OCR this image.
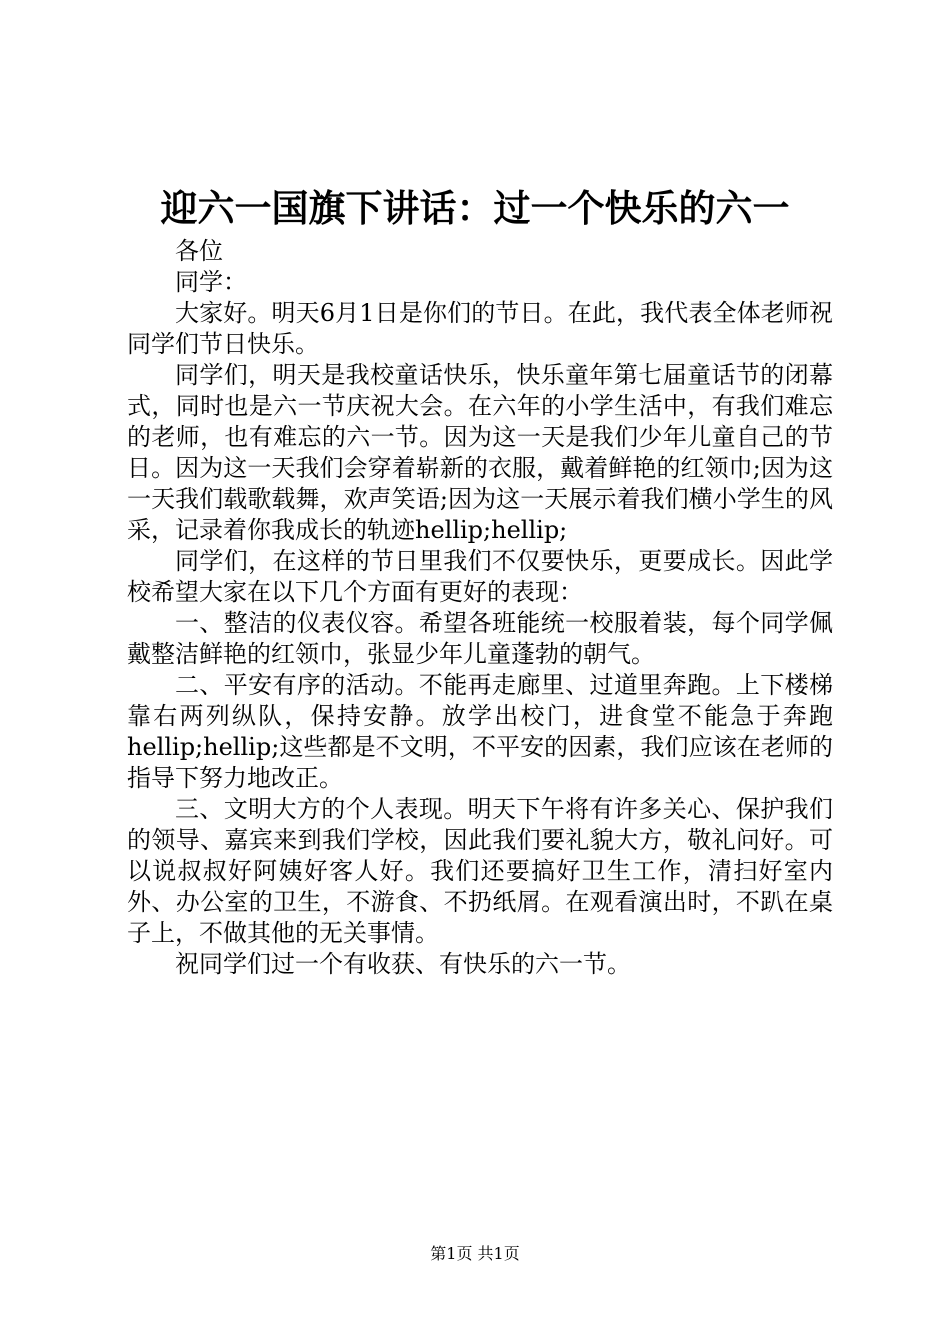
迎六一国旗下讲话：过一个快乐的六一

各位

同学：

大家好。明天6月1日是你们的节日。在此，我代表全体老师祝同学们节日快乐。

同学们，明天是我校童话快乐，快乐童年第七届童话节的闭幕式，同时也是六一节庆祝大会。在六年的小学生活中，有我们难忘的老师，也有难忘的六一节。因为这一天是我们少年儿童自己的节日。因为这一天我们会穿着崭新的衣服，戴着鲜艳的红领巾;因为这一天我们载歌载舞，欢声笑语;因为这一天展示着我们横小学生的风采，记录着你我成长的轨迹hellip;hellip;

同学们，在这样的节日里我们不仅要快乐，更要成长。因此学校希望大家在以下几个方面有更好的表现：

一、整洁的仪表仪容。希望各班能统一校服着装，每个同学佩戴整洁鲜艳的红领巾，张显少年儿童蓬勃的朝气。

二、平安有序的活动。不能再走廊里、过道里奔跑。上下楼梯靠右两列纵队，保持安静。放学出校门，进食堂不能急于奔跑hellip;hellip;这些都是不文明，不平安的因素，我们应该在老师的指导下努力地改正。

三、文明大方的个人表现。明天下午将有许多关心、保护我们的领导、嘉宾来到我们学校，因此我们要礼貌大方，敬礼问好。可以说叔叔好阿姨好客人好。我们还要搞好卫生工作，清扫好室内外、办公室的卫生，不游食、不扔纸屑。在观看演出时，不趴在桌子上，不做其他的无关事情。

祝同学们过一个有收获、有快乐的六一节。

第1页 共1页
